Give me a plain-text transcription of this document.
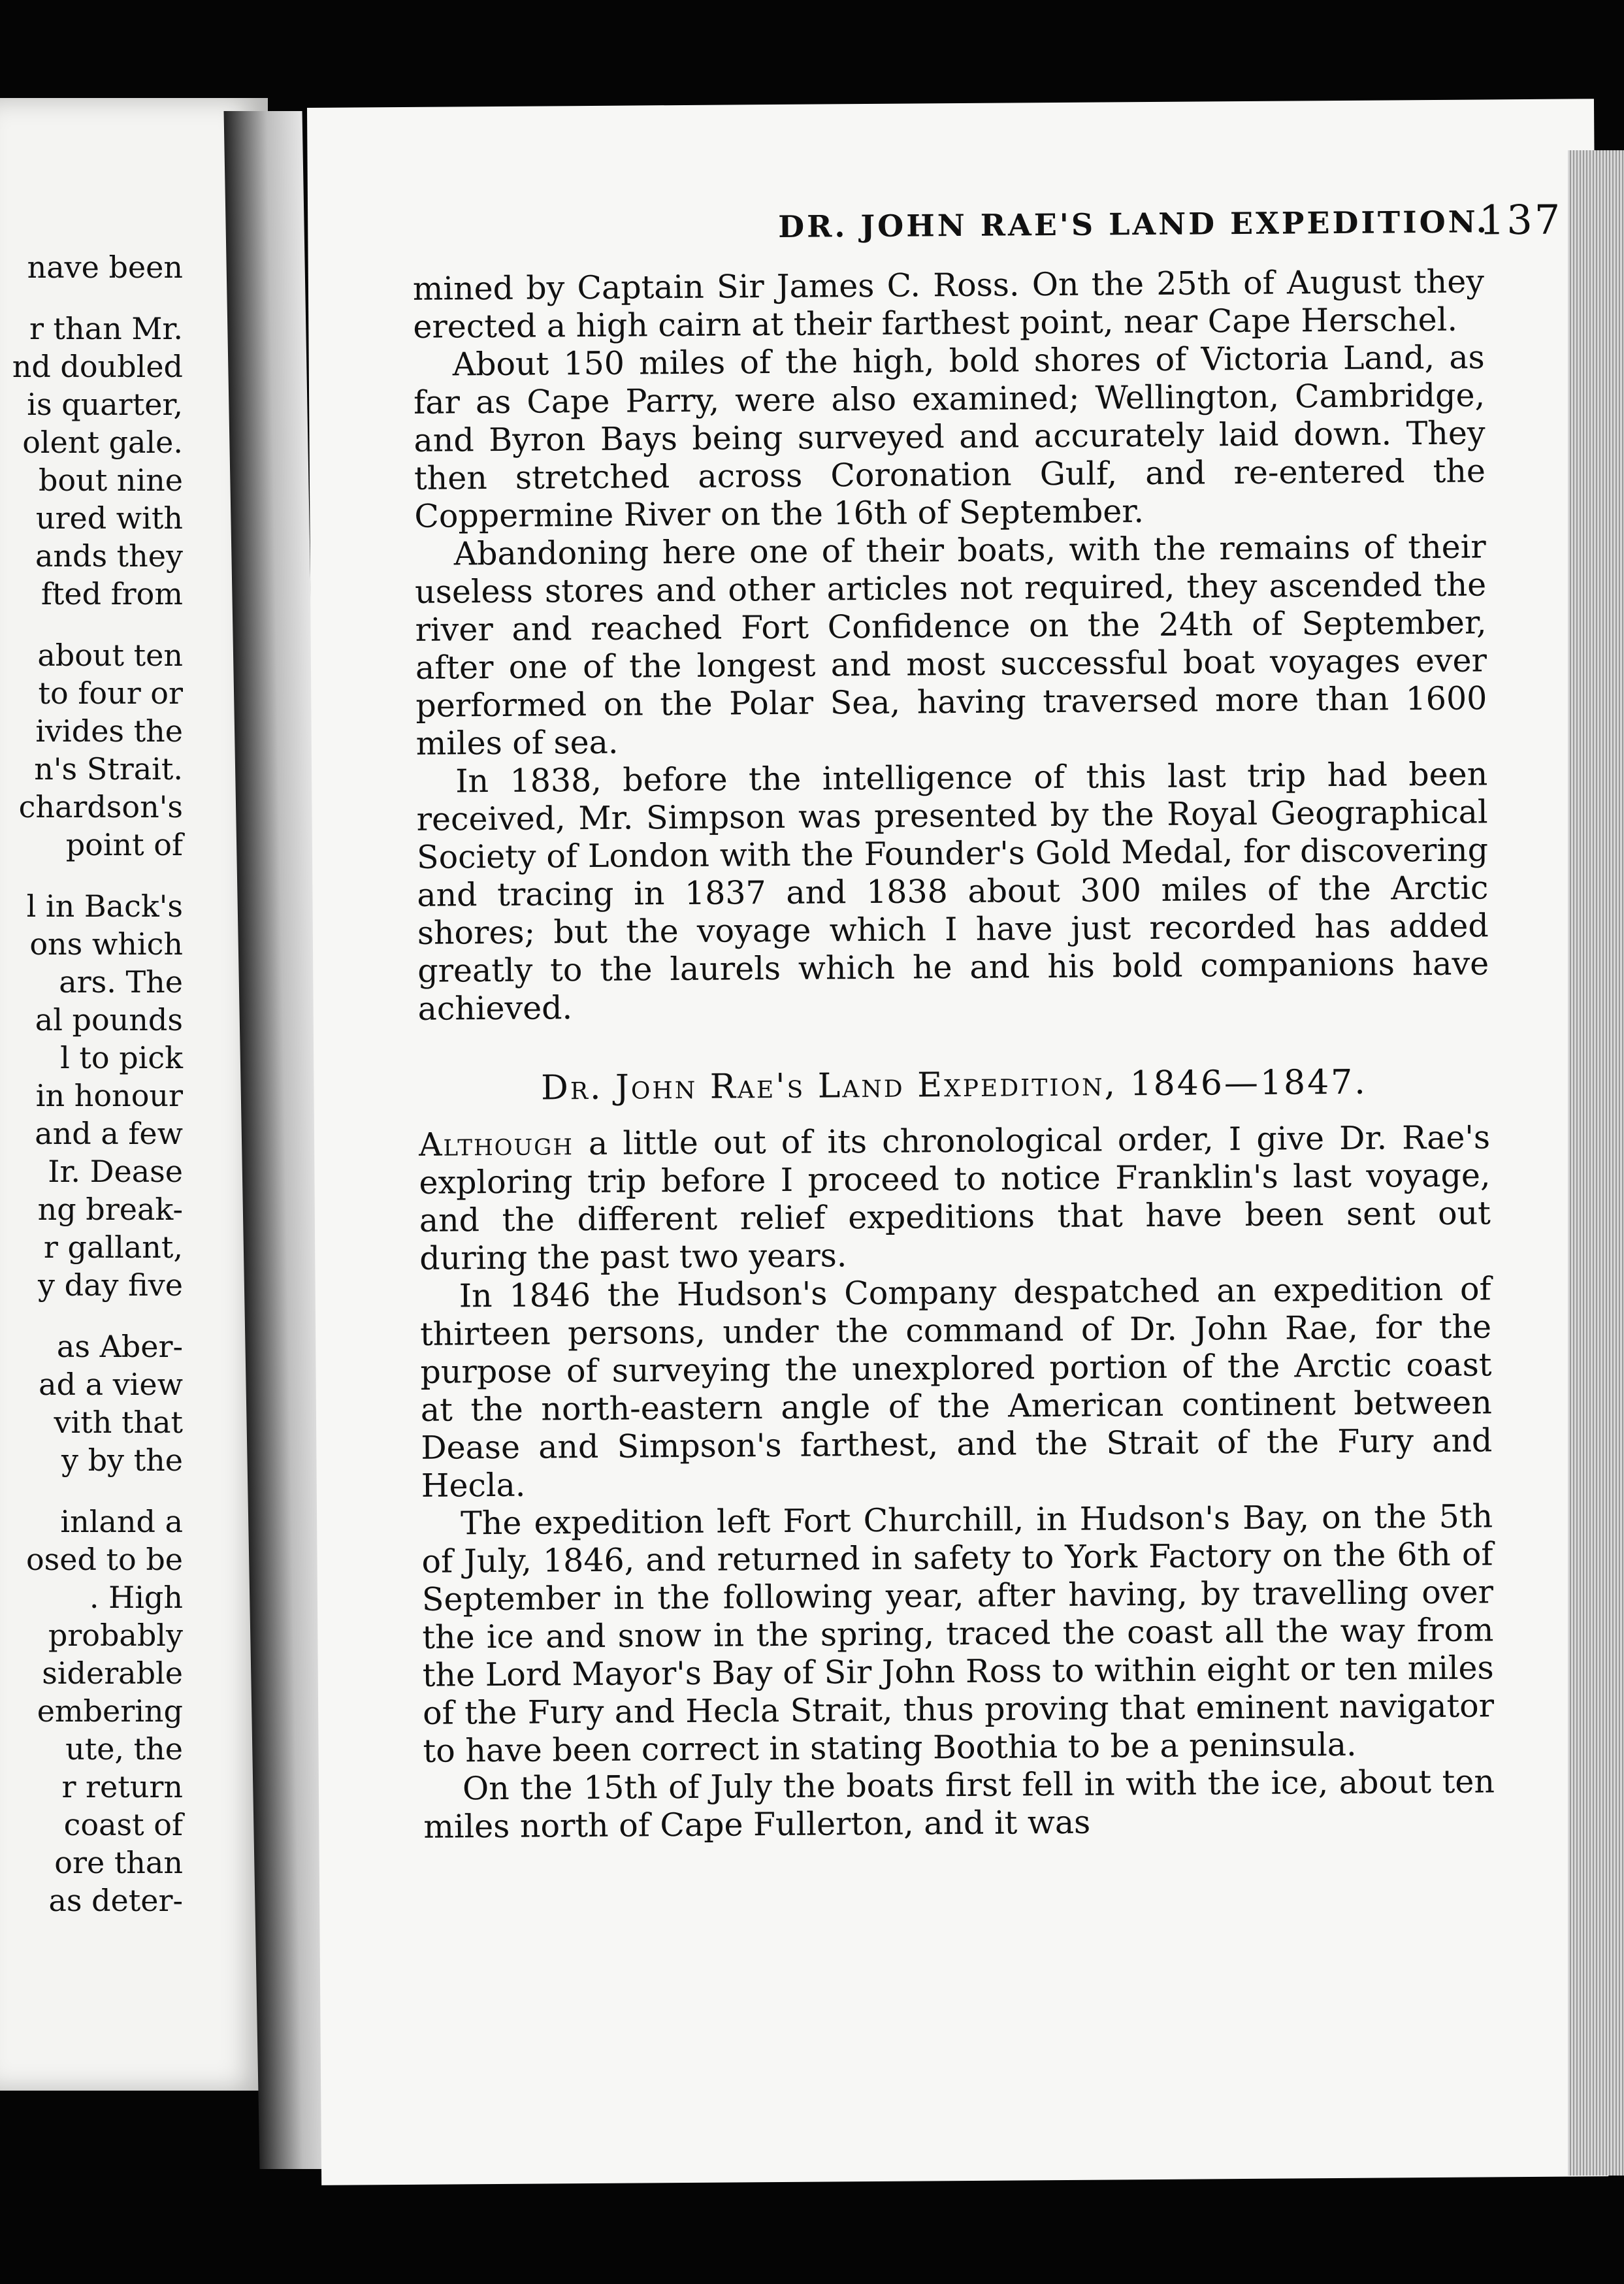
nave been
r than Mr.
nd doubled
is quarter,
olent gale.
bout nine
ured with
ands they
fted from
about ten
to four or
ivides the
n's Strait.
chardson's
point of
l in Back's
ons which
ars. The
al pounds
l to pick
in honour
and a few
Ir. Dease
ng break-
r gallant,
y day five
as Aber-
ad a view
vith that
y by the
inland a
osed to be
. High
probably
siderable
embering
ute, the
r return
coast of
ore than
as deter-
DR. JOHN RAE'S LAND EXPEDITION.
137

mined by Captain Sir James C. Ross. On the 25th of August they erected a high cairn at their farthest point, near Cape Herschel.

About 150 miles of the high, bold shores of Victoria Land, as far as Cape Parry, were also examined; Wellington, Cambridge, and Byron Bays being surveyed and accurately laid down. They then stretched across Coronation Gulf, and re-entered the Coppermine River on the 16th of September.

Abandoning here one of their boats, with the remains of their useless stores and other articles not required, they ascended the river and reached Fort Confidence on the 24th of September, after one of the longest and most successful boat voyages ever performed on the Polar Sea, having traversed more than 1600 miles of sea.

In 1838, before the intelligence of this last trip had been received, Mr. Simpson was presented by the Royal Geographical Society of London with the Founder's Gold Medal, for discovering and tracing in 1837 and 1838 about 300 miles of the Arctic shores; but the voyage which I have just recorded has added greatly to the laurels which he and his bold companions have achieved.

Dr. John Rae's Land Expedition, 1846—1847.

Although a little out of its chronological order, I give Dr. Rae's exploring trip before I proceed to notice Franklin's last voyage, and the different relief expeditions that have been sent out during the past two years.

In 1846 the Hudson's Company despatched an expedition of thirteen persons, under the command of Dr. John Rae, for the purpose of surveying the unexplored portion of the Arctic coast at the north-eastern angle of the American continent between Dease and Simpson's farthest, and the Strait of the Fury and Hecla.

The expedition left Fort Churchill, in Hudson's Bay, on the 5th of July, 1846, and returned in safety to York Factory on the 6th of September in the following year, after having, by travelling over the ice and snow in the spring, traced the coast all the way from the Lord Mayor's Bay of Sir John Ross to within eight or ten miles of the Fury and Hecla Strait, thus proving that eminent navigator to have been correct in stating Boothia to be a peninsula.

On the 15th of July the boats first fell in with the ice, about ten miles north of Cape Fullerton, and it was
